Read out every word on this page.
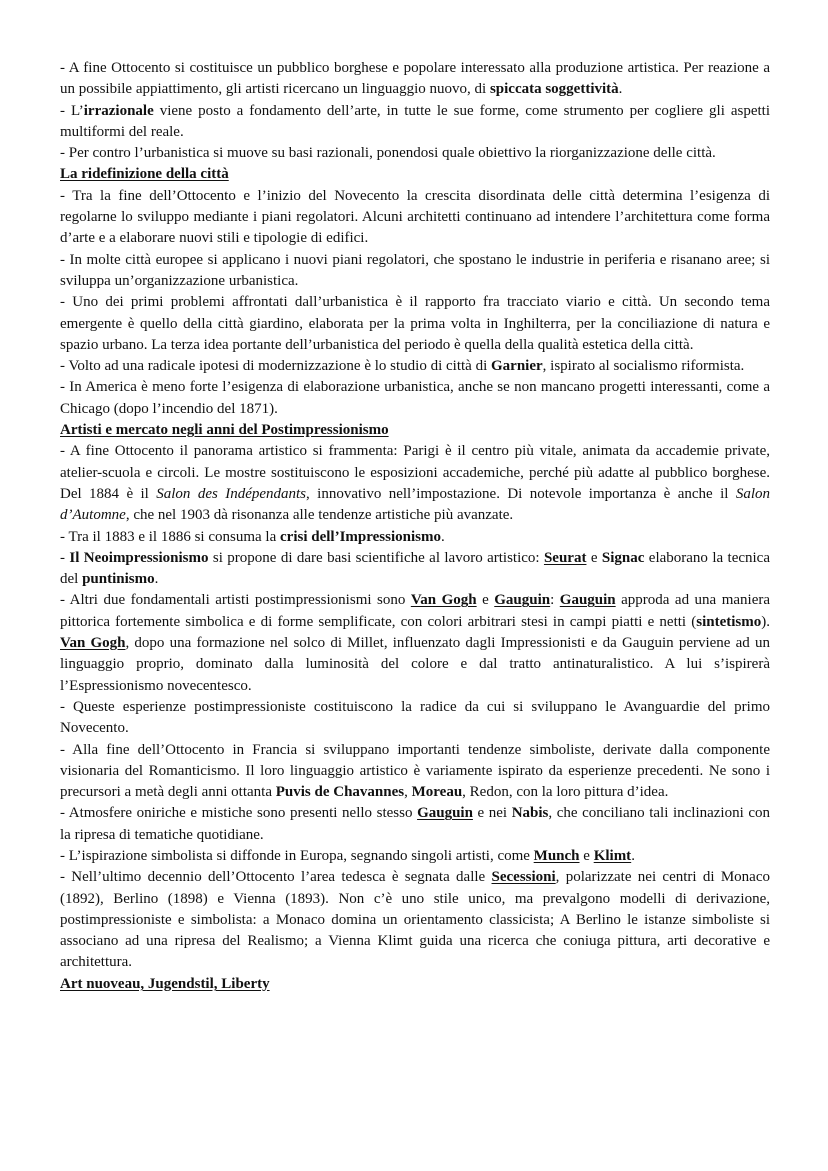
- A fine Ottocento si costituisce un pubblico borghese e popolare interessato alla produzione artistica. Per reazione a un possibile appiattimento, gli artisti ricercano un linguaggio nuovo, di spiccata soggettività.

- L’irrazionale viene posto a fondamento dell’arte, in tutte le sue forme, come strumento per cogliere gli aspetti multiformi del reale.

- Per contro l’urbanistica si muove su basi razionali, ponendosi quale obiettivo la riorganizzazione delle città.

La ridefinizione della città

- Tra la fine dell’Ottocento e l’inizio del Novecento la crescita disordinata delle città determina l’esigenza di regolarne lo sviluppo mediante i piani regolatori. Alcuni architetti continuano ad intendere l’architettura come forma d’arte e a elaborare nuovi stili e tipologie di edifici.

- In molte città europee si applicano i nuovi piani regolatori, che spostano le industrie in periferia e risanano aree; si sviluppa un’organizzazione urbanistica.

- Uno dei primi problemi affrontati dall’urbanistica è il rapporto fra tracciato viario e città. Un secondo tema emergente è quello della città giardino, elaborata per la prima volta in Inghilterra, per la conciliazione di natura e spazio urbano. La terza idea portante dell’urbanistica del periodo è quella della qualità estetica della città.

- Volto ad una radicale ipotesi di modernizzazione è lo studio di città di Garnier, ispirato al socialismo riformista.

- In America è meno forte l’esigenza di elaborazione urbanistica, anche se non mancano progetti interessanti, come a Chicago (dopo l’incendio del 1871).

Artisti e mercato negli anni del Postimpressionismo

- A fine Ottocento il panorama artistico si frammenta: Parigi è il centro più vitale, animata da accademie private, atelier-scuola e circoli. Le mostre sostituiscono le esposizioni accademiche, perché più adatte al pubblico borghese. Del 1884 è il Salon des Indépendants, innovativo nell’impostazione. Di notevole importanza è anche il Salon d’Automne, che nel 1903 dà risonanza alle tendenze artistiche più avanzate.

- Tra il 1883 e il 1886 si consuma la crisi dell’Impressionismo.

- Il Neoimpressionismo si propone di dare basi scientifiche al lavoro artistico: Seurat e Signac elaborano la tecnica del puntinismo.

- Altri due fondamentali artisti postimpressionismi sono Van Gogh e Gauguin: Gauguin approda ad una maniera pittorica fortemente simbolica e di forme semplificate, con colori arbitrari stesi in campi piatti e netti (sintetismo). Van Gogh, dopo una formazione nel solco di Millet, influenzato dagli Impressionisti e da Gauguin perviene ad un linguaggio proprio, dominato dalla luminosità del colore e dal tratto antinaturalistico. A lui s’ispirerà l’Espressionismo novecentesco.

- Queste esperienze postimpressioniste costituiscono la radice da cui si sviluppano le Avanguardie del primo Novecento.

- Alla fine dell’Ottocento in Francia si sviluppano importanti tendenze simboliste, derivate dalla componente visionaria del Romanticismo. Il loro linguaggio artistico è variamente ispirato da esperienze precedenti. Ne sono i precursori a metà degli anni ottanta Puvis de Chavannes, Moreau, Redon, con la loro pittura d’idea.

- Atmosfere oniriche e mistiche sono presenti nello stesso Gauguin e nei Nabis, che conciliano tali inclinazioni con la ripresa di tematiche quotidiane.

- L’ispirazione simbolista si diffonde in Europa, segnando singoli artisti, come Munch e Klimt.

- Nell’ultimo decennio dell’Ottocento l’area tedesca è segnata dalle Secessioni, polarizzate nei centri di Monaco (1892), Berlino (1898) e Vienna (1893). Non c’è uno stile unico, ma prevalgono modelli di derivazione, postimpressioniste e simbolista: a Monaco domina un orientamento classicista; A Berlino le istanze simboliste si associano ad una ripresa del Realismo; a Vienna Klimt guida una ricerca che coniuga pittura, arti decorative e architettura.

Art nuoveau, Jugendstil, Liberty
